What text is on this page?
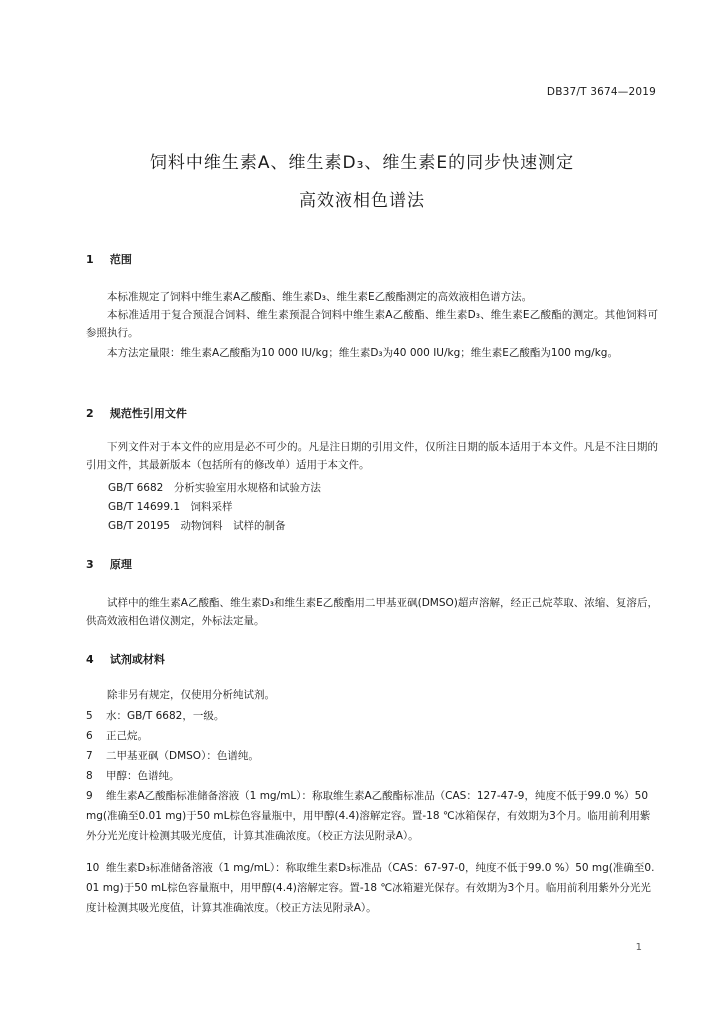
DB37/T 3674—2019
饲料中维生素A、维生素D₃、维生素E的同步快速测定
高效液相色谱法
1 范围
本标准规定了饲料中维生素A乙酸酯、维生素D₃、维生素E乙酸酯测定的高效液相色谱方法。
本标准适用于复合预混合饲料、维生素预混合饲料中维生素A乙酸酯、维生素D₃、维生素E乙酸酯的测定。其他饲料可参照执行。
本方法定量限：维生素A乙酸酯为10 000 IU/kg；维生素D₃为40 000 IU/kg；维生素E乙酸酯为100 mg/kg。
2 规范性引用文件
下列文件对于本文件的应用是必不可少的。凡是注日期的引用文件，仅所注日期的版本适用于本文件。凡是不注日期的引用文件，其最新版本（包括所有的修改单）适用于本文件。
GB/T 6682　分析实验室用水规格和试验方法
GB/T 14699.1　饲料采样
GB/T 20195　动物饲料　试样的制备
3 原理
试样中的维生素A乙酸酯、维生素D₃和维生素E乙酸酯用二甲基亚砜(DMSO)超声溶解，经正己烷萃取、浓缩、复溶后，供高效液相色谱仪测定，外标法定量。
4 试剂或材料
除非另有规定，仅使用分析纯试剂。
5 水：GB/T 6682，一级。
6 正己烷。
7 二甲基亚砜（DMSO）：色谱纯。
8 甲醇：色谱纯。
9 维生素A乙酸酯标准储备溶液（1 mg/mL）：称取维生素A乙酸酯标准品（CAS：127-47-9，纯度不低于99.0 %）50 mg(准确至0.01 mg)于50 mL棕色容量瓶中，用甲醇(4.4)溶解定容。置-18 ℃冰箱保存，有效期为3个月。临用前利用紫外分光光度计检测其吸光度值，计算其准确浓度。（校正方法见附录A）。
10 维生素D₃标准储备溶液（1 mg/mL）：称取维生素D₃标准品（CAS：67-97-0，纯度不低于99.0 %）50 mg(准确至0.01 mg)于50 mL棕色容量瓶中，用甲醇(4.4)溶解定容。置-18 ℃冰箱避光保存。有效期为3个月。临用前利用紫外分光光度计检测其吸光度值，计算其准确浓度。（校正方法见附录A）。
1
